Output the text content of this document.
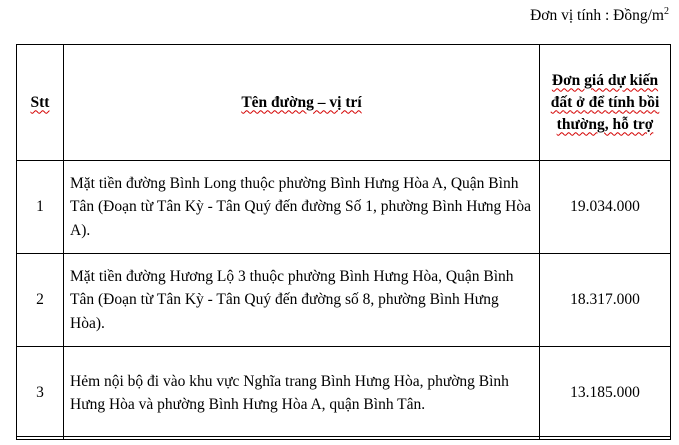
Đơn vị tính : Đồng/$m^2$
Stt	Tên đường – vị trí	Đơn giá dự kiến đất ở để tính bồi thường, hỗ trợ
1	Mặt tiền đường Bình Long thuộc phường Bình Hưng Hòa A, Quận Bình Tân (Đoạn từ Tân Kỳ - Tân Quý đến đường Số 1, phường Bình Hưng Hòa A).	19.034.000
2	Mặt tiền đường Hương Lộ 3 thuộc phường Bình Hưng Hòa, Quận Bình Tân (Đoạn từ Tân Kỳ - Tân Quý đến đường số 8, phường Bình Hưng Hòa).	18.317.000
3	Hẻm nội bộ đi vào khu vực Nghĩa trang Bình Hưng Hòa, phường Bình Hưng Hòa và phường Bình Hưng Hòa A, quận Bình Tân.	13.185.000
